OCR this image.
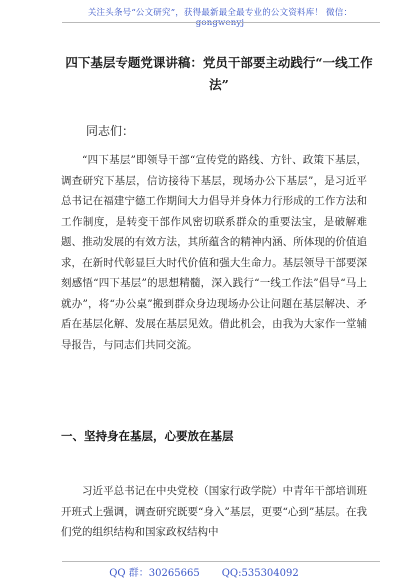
关注头条号“公文研究”，获得最新最全最专业的公文资料库！ 微信：gongwenyj
四下基层专题党课讲稿：党员干部要主动践行“一线工作法”
同志们：
“四下基层”即领导干部“宣传党的路线、方针、政策下基层，调查研究下基层，信访接待下基层，现场办公下基层”，是习近平总书记在福建宁德工作期间大力倡导并身体力行形成的工作方法和工作制度，是转变干部作风密切联系群众的重要法宝，是破解难题、推动发展的有效方法，其所蕴含的精神内涵、所体现的价值追求，在新时代彰显巨大时代价值和强大生命力。基层领导干部要深刻感悟“四下基层”的思想精髓，深入践行“一线工作法”倡导“马上就办”，将“办公桌”搬到群众身边现场办公让问题在基层解决、矛盾在基层化解、发展在基层见效。借此机会，由我为大家作一堂辅导报告，与同志们共同交流。
一、坚持身在基层，心要放在基层
习近平总书记在中央党校（国家行政学院）中青年干部培训班开班式上强调，调查研究既要“身入”基层，更要“心到”基层。在我们党的组织结构和国家政权结构中
QQ 群：30265665 QQ:535304092
